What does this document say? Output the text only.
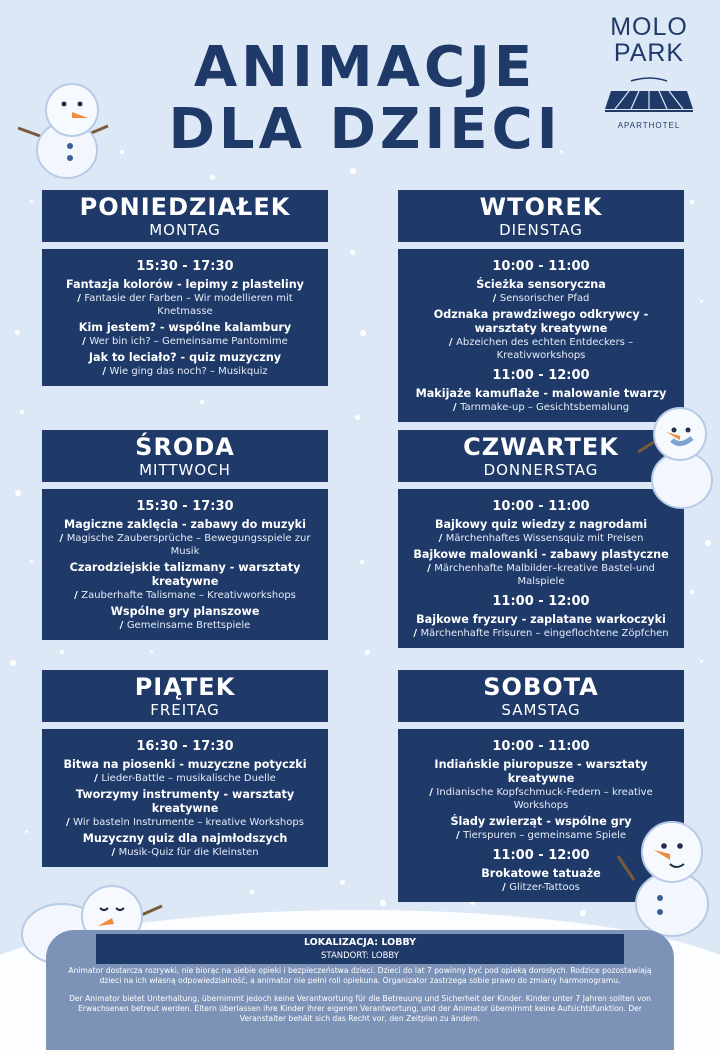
ANIMACJE
DLA DZIECI
MOLO
PARK
APARTHOTEL
PONIEDZIAŁEK
MONTAG
15:30 - 17:30
Fantazja kolorów - lepimy z plasteliny
/ Fantasie der Farben – Wir modellieren mit Knetmasse
Kim jestem? - wspólne kalambury
/ Wer bin ich? – Gemeinsame Pantomime
Jak to leciało? - quiz muzyczny
/ Wie ging das noch? – Musikquiz
WTOREK
DIENSTAG
10:00 - 11:00
Ścieżka sensoryczna
/ Sensorischer Pfad
Odznaka prawdziwego odkrywcy - warsztaty kreatywne
/ Abzeichen des echten Entdeckers – Kreativworkshops
11:00 - 12:00
Makijaże kamuflaże - malowanie twarzy
/ Tarnmake-up – Gesichtsbemalung
ŚRODA
MITTWOCH
15:30 - 17:30
Magiczne zaklęcia - zabawy do muzyki
/ Magische Zaubersprüche – Bewegungsspiele zur Musik
Czarodziejskie talizmany - warsztaty kreatywne
/ Zauberhafte Talismane – Kreativworkshops
Wspólne gry planszowe
/ Gemeinsame Brettspiele
CZWARTEK
DONNERSTAG
10:00 - 11:00
Bajkowy quiz wiedzy z nagrodami
/ Märchenhaftes Wissensquiz mit Preisen
Bajkowe malowanki - zabawy plastyczne
/ Märchenhafte Malbilder–kreative Bastel-und Malspiele
11:00 - 12:00
Bajkowe fryzury - zaplatane warkoczyki
/ Märchenhafte Frisuren – eingeflochtene Zöpfchen
PIĄTEK
FREITAG
16:30 - 17:30
Bitwa na piosenki - muzyczne potyczki
/ Lieder-Battle – musikalische Duelle
Tworzymy instrumenty - warsztaty kreatywne
/ Wir basteln Instrumente – kreative Workshops
Muzyczny quiz dla najmłodszych
/ Musik-Quiz für die Kleinsten
SOBOTA
SAMSTAG
10:00 - 11:00
Indiańskie piuropusze - warsztaty kreatywne
/ Indianische Kopfschmuck-Federn – kreative Workshops
Ślady zwierząt - wspólne gry
/ Tierspuren – gemeinsame Spiele
11:00 - 12:00
Brokatowe tatuaże
/ Glitzer-Tattoos
LOKALIZACJA: LOBBY
STANDORT: LOBBY
Animator dostarcza rozrywki, nie biorąc na siebie opieki i bezpieczeństwa dzieci. Dzieci do lat 7 powinny być pod opieką dorosłych. Rodzice pozostawiają dzieci na ich własną odpowiedzialność, a animator nie pełni roli opiekuna. Organizator zastrzega sobie prawo do zmiany harmonogramu.
Der Animator bietet Unterhaltung, übernimmt jedoch keine Verantwortung für die Betreuung und Sicherheit der Kinder. Kinder unter 7 Jahren sollten von Erwachsenen betreut werden. Eltern überlassen ihre Kinder ihrer eigenen Verantwortung, und der Animator übernimmt keine Aufsichtsfunktion. Der Veranstalter behält sich das Recht vor, den Zeitplan zu ändern.
